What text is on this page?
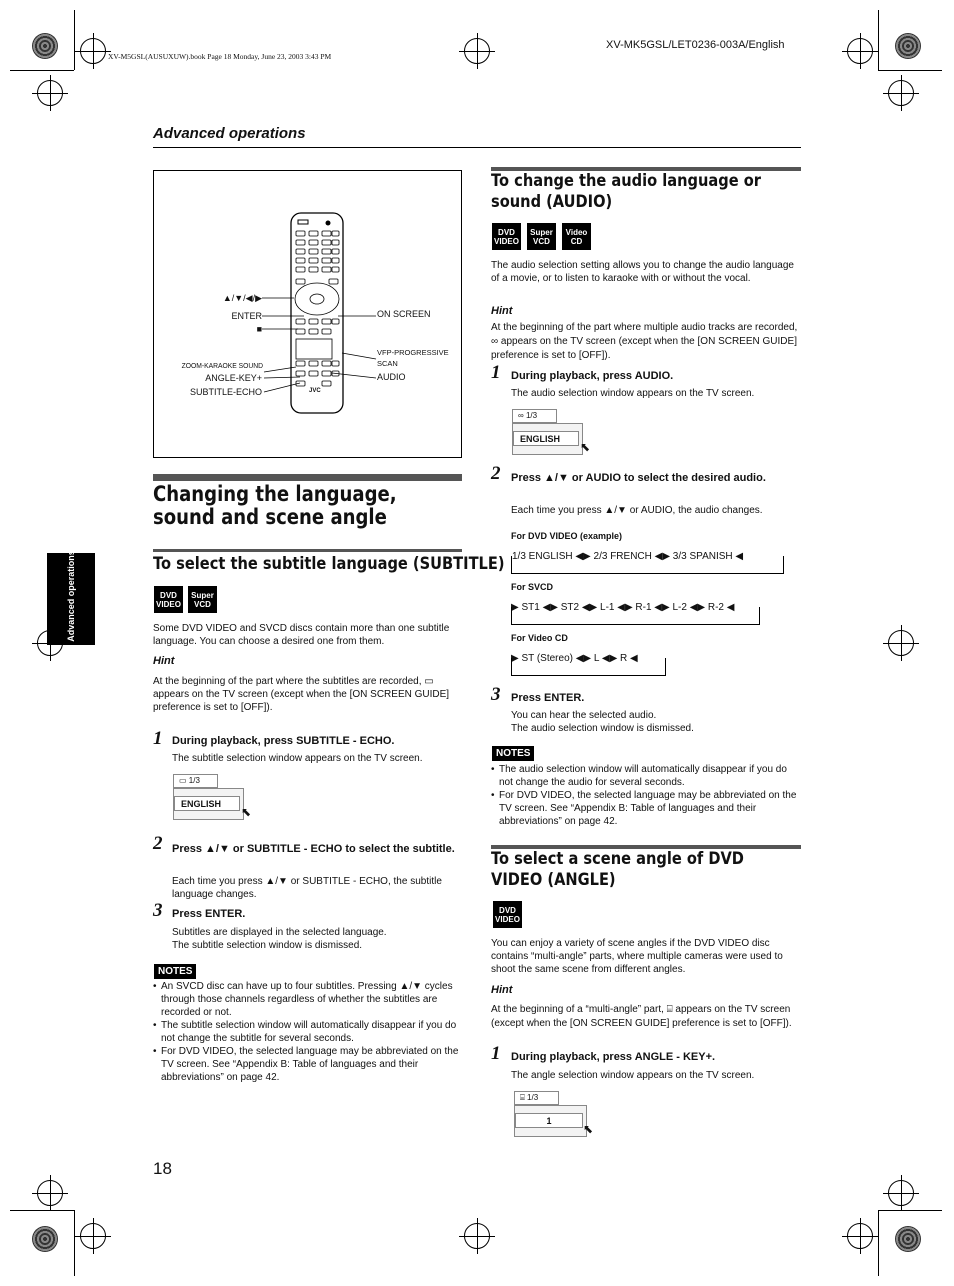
XV-M5GSL(AUSUXUW).book Page 18 Monday, June 23, 2003 3:43 PM
XV-MK5GSL/LET0236-003A/English
Advanced operations
Advanced operations
▲/▼/◀/▶
ENTER
■
ON SCREEN
ZOOM-KARAOKE SOUND
VFP-PROGRESSIVE SCAN
ANGLE-KEY+	AUDIO
SUBTITLE-ECHO	JVC
Changing the language, sound and scene angle
To select the subtitle language (SUBTITLE)
DVD
VIDEO
Super
VCD
Some DVD VIDEO and SVCD discs contain more than one subtitle language. You can choose a desired one from them.
Hint
At the beginning of the part where the subtitles are recorded, ▭ appears on the TV screen (except when the [ON SCREEN GUIDE] preference is set to [OFF]).
1 During playback, press SUBTITLE - ECHO.
The subtitle selection window appears on the TV screen.
▭ 1/3
ENGLISH
⬉
2 Press ▲/▼ or SUBTITLE - ECHO to select the subtitle.
Each time you press ▲/▼ or SUBTITLE - ECHO, the subtitle language changes.
3 Press ENTER.
Subtitles are displayed in the selected language.
The subtitle selection window is dismissed.
NOTES
• An SVCD disc can have up to four subtitles. Pressing ▲/▼ cycles through those channels regardless of whether the subtitles are recorded or not.
• The subtitle selection window will automatically disappear if you do not change the subtitle for several seconds.
• For DVD VIDEO, the selected language may be abbreviated on the TV screen. See “Appendix B: Table of languages and their abbreviations” on page 42.
18
To change the audio language or sound (AUDIO)
DVD
VIDEO
Super
VCD
Video
CD
The audio selection setting allows you to change the audio language of a movie, or to listen to karaoke with or without the vocal.
Hint
At the beginning of the part where multiple audio tracks are recorded, ∞ appears on the TV screen (except when the [ON SCREEN GUIDE] preference is set to [OFF]).
1 During playback, press AUDIO.
The audio selection window appears on the TV screen.
∞ 1/3
ENGLISH
⬉
2 Press ▲/▼ or AUDIO to select the desired audio.
Each time you press ▲/▼ or AUDIO, the audio changes.
For DVD VIDEO (example)
1/3 ENGLISH ◀▶ 2/3 FRENCH ◀▶ 3/3 SPANISH ◀
For SVCD
▶ ST1 ◀▶ ST2 ◀▶ L-1 ◀▶ R-1 ◀▶ L-2 ◀▶ R-2 ◀
For Video CD
▶ ST (Stereo) ◀▶ L ◀▶ R ◀
3 Press ENTER.
You can hear the selected audio.
The audio selection window is dismissed.
NOTES
• The audio selection window will automatically disappear if you do not change the audio for several seconds.
• For DVD VIDEO, the selected language may be abbreviated on the TV screen. See “Appendix B: Table of languages and their abbreviations” on page 42.
To select a scene angle of DVD VIDEO (ANGLE)
DVD
VIDEO
You can enjoy a variety of scene angles if the DVD VIDEO disc contains “multi-angle” parts, where multiple cameras were used to shoot the same scene from different angles.
Hint
At the beginning of a “multi-angle” part, ⌸ appears on the TV screen (except when the [ON SCREEN GUIDE] preference is set to [OFF]).
1 During playback, press ANGLE - KEY+.
The angle selection window appears on the TV screen.
⌸ 1/3
1
⬉
